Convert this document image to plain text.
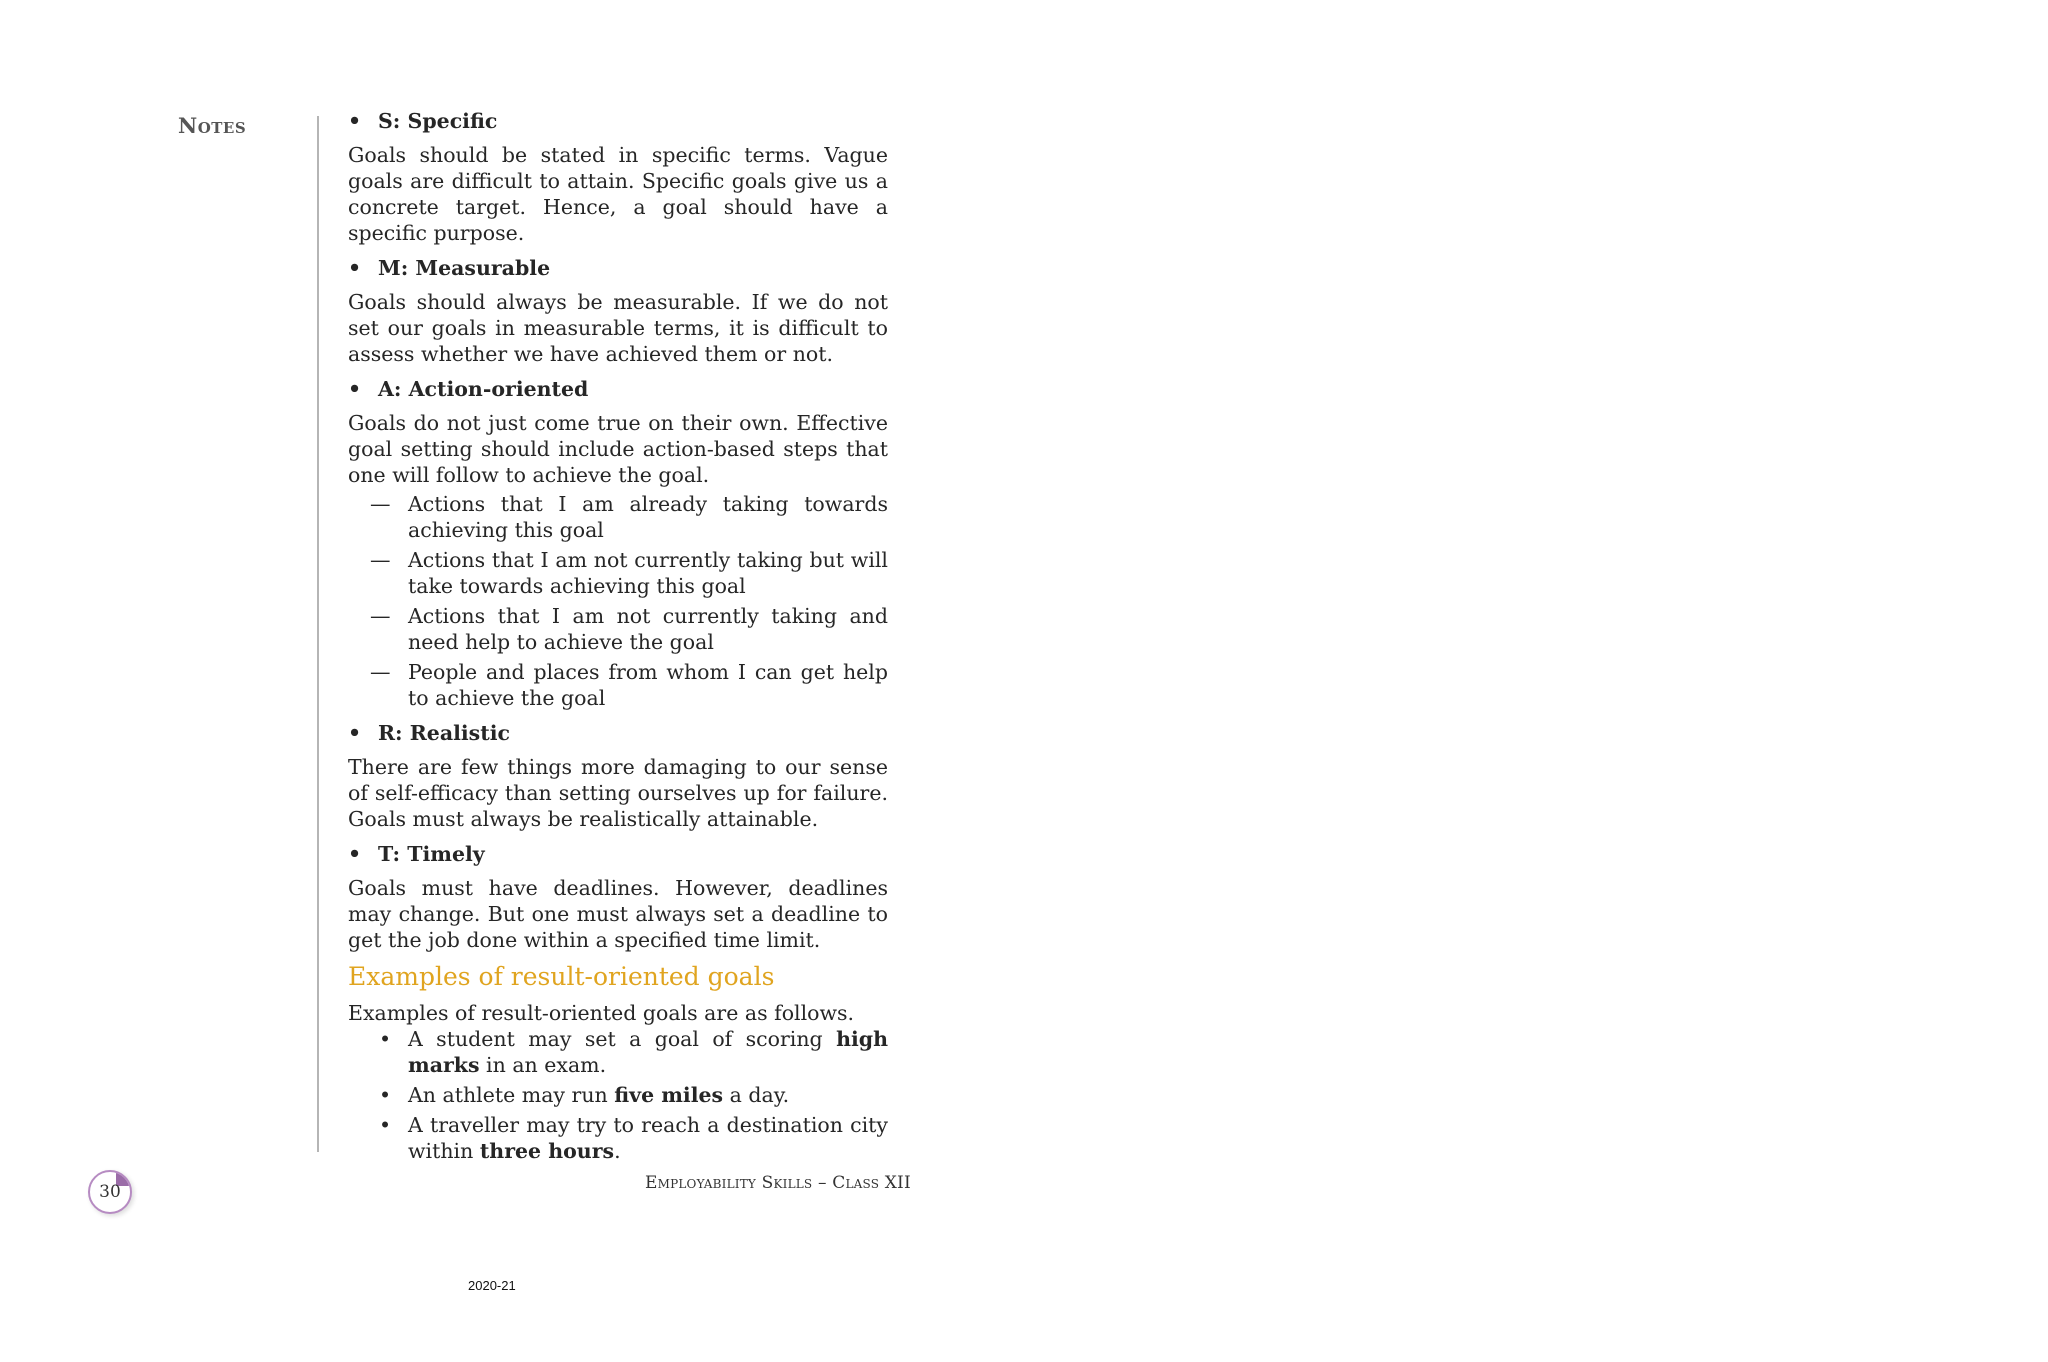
Notes	• S: Specific

Goals should be stated in specific terms. Vague goals are difficult to attain. Specific goals give us a concrete target. Hence, a goal should have a specific purpose.

• M: Measurable

Goals should always be measurable. If we do not set our goals in measurable terms, it is difficult to assess whether we have achieved them or not.

• A: Action-oriented

Goals do not just come true on their own. Effective goal setting should include action-based steps that one will follow to achieve the goal.

— Actions that I am already taking towards achieving this goal
— Actions that I am not currently taking but will take towards achieving this goal
— Actions that I am not currently taking and need help to achieve the goal
— People and places from whom I can get help to achieve the goal
• R: Realistic

There are few things more damaging to our sense of self-efficacy than setting ourselves up for failure. Goals must always be realistically attainable.

• T: Timely

Goals must have deadlines. However, deadlines may change. But one must always set a deadline to get the job done within a specified time limit.

Examples of result-oriented goals

Examples of result-oriented goals are as follows.

• A student may set a goal of scoring high marks in an exam.
• An athlete may run five miles a day.
• A traveller may try to reach a destination city within three hours.
30	Employability Skills – Class XII
2020-21
